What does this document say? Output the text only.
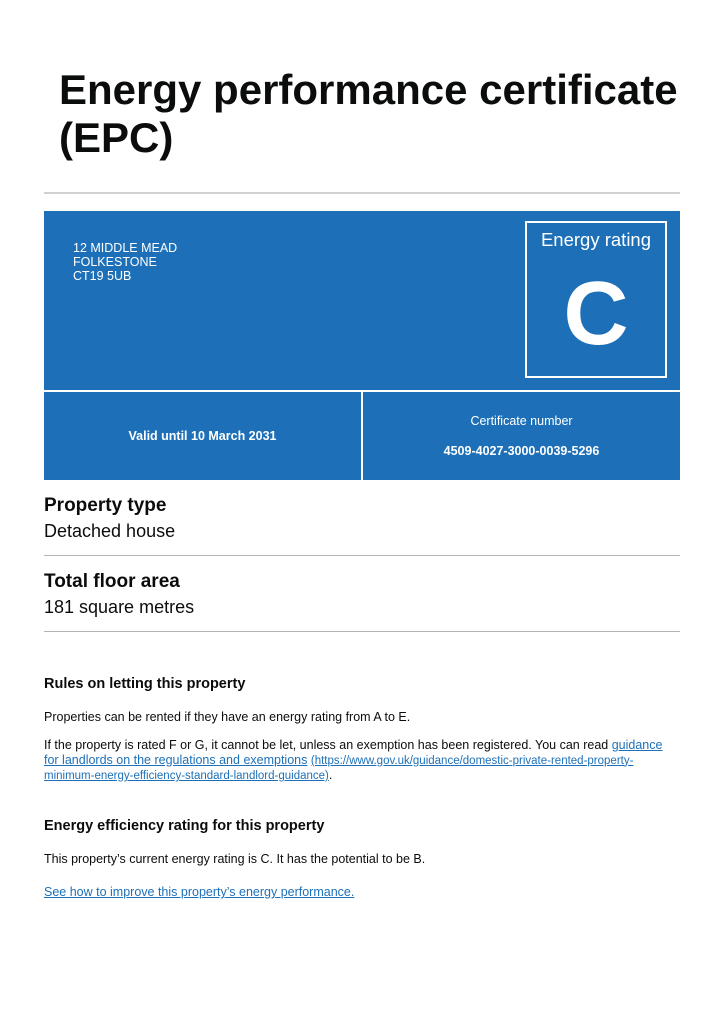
Energy performance certificate (EPC)
12 MIDDLE MEAD
FOLKESTONE
CT19 5UB
Energy rating
C
Valid until 10 March 2031
Certificate number
4509-4027-3000-0039-5296
Property type

Detached house

Total floor area

181 square metres

Rules on letting this property

Properties can be rented if they have an energy rating from A to E.

If the property is rated F or G, it cannot be let, unless an exemption has been registered. You can read guidance for landlords on the regulations and exemptions (https://www.gov.uk/guidance/domestic-private-rented-property-minimum-energy-efficiency-standard-landlord-guidance).

Energy efficiency rating for this property

This property’s current energy rating is C. It has the potential to be B.

See how to improve this property’s energy performance.
